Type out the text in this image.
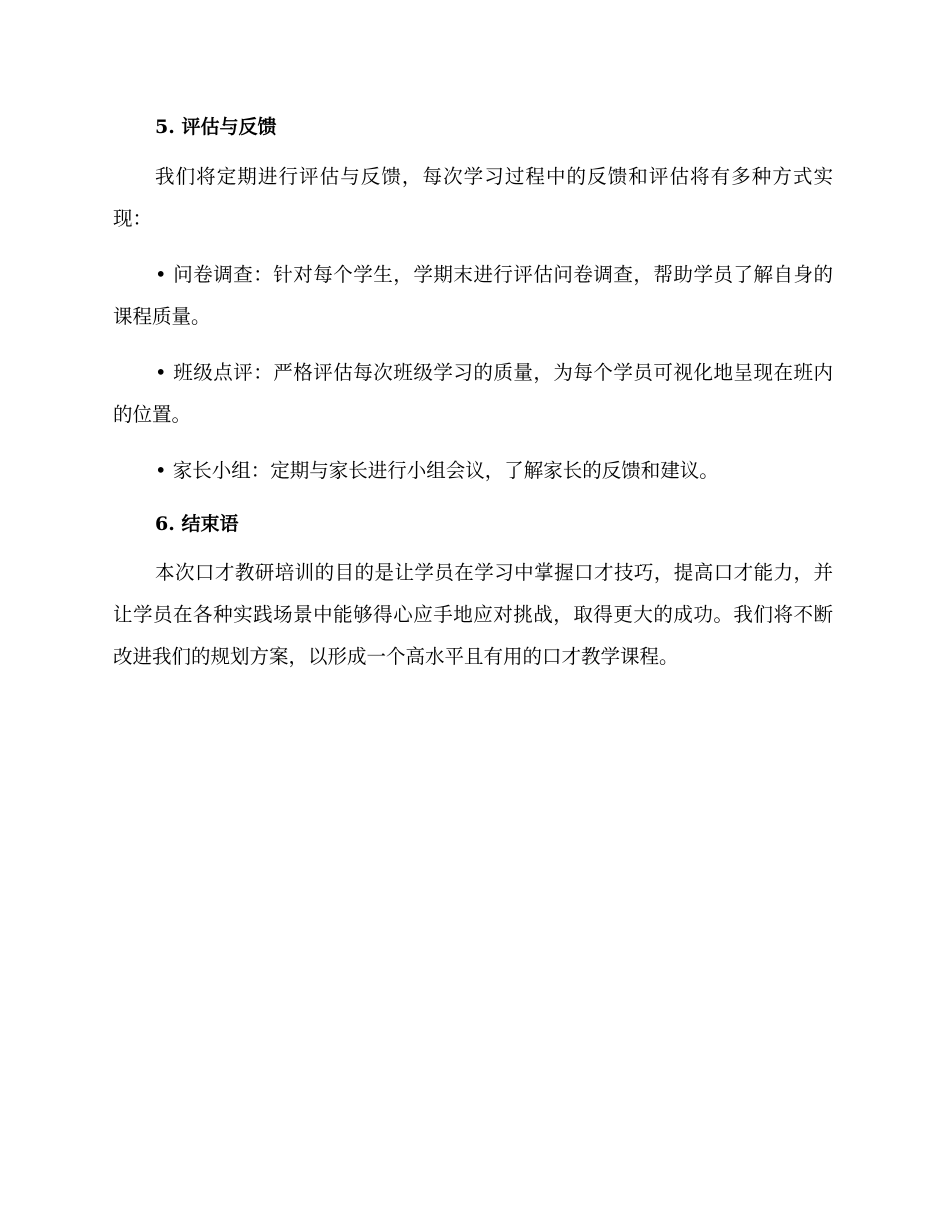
5. 评估与反馈

我们将定期进行评估与反馈，每次学习过程中的反馈和评估将有多种方式实现：

• 问卷调查：针对每个学生，学期末进行评估问卷调查，帮助学员了解自身的课程质量。

• 班级点评：严格评估每次班级学习的质量，为每个学员可视化地呈现在班内的位置。

• 家长小组：定期与家长进行小组会议，了解家长的反馈和建议。

6. 结束语

本次口才教研培训的目的是让学员在学习中掌握口才技巧，提高口才能力，并让学员在各种实践场景中能够得心应手地应对挑战，取得更大的成功。我们将不断改进我们的规划方案，以形成一个高水平且有用的口才教学课程。
